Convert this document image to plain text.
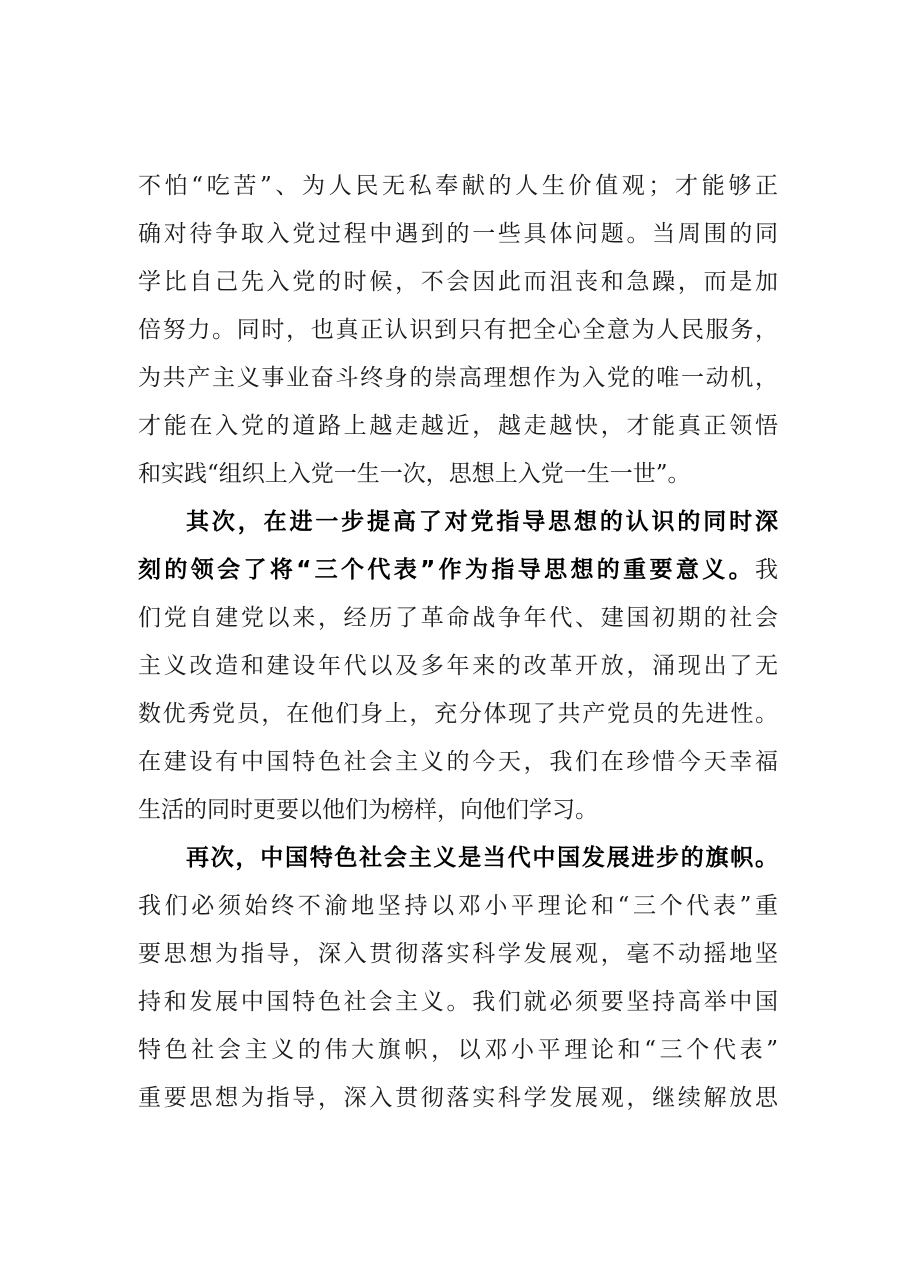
不怕“吃苦”、为人民无私奉献的人生价值观；才能够正
确对待争取入党过程中遇到的一些具体问题。当周围的同
学比自己先入党的时候，不会因此而沮丧和急躁，而是加
倍努力。同时，也真正认识到只有把全心全意为人民服务，
为共产主义事业奋斗终身的崇高理想作为入党的唯一动机，
才能在入党的道路上越走越近，越走越快，才能真正领悟
和实践“组织上入党一生一次，思想上入党一生一世”。
其次，在进一步提高了对党指导思想的认识的同时深
刻的领会了将“三个代表”作为指导思想的重要意义。我
们党自建党以来，经历了革命战争年代、建国初期的社会
主义改造和建设年代以及多年来的改革开放，涌现出了无
数优秀党员，在他们身上，充分体现了共产党员的先进性。
在建设有中国特色社会主义的今天，我们在珍惜今天幸福
生活的同时更要以他们为榜样，向他们学习。
再次，中国特色社会主义是当代中国发展进步的旗帜。
我们必须始终不渝地坚持以邓小平理论和“三个代表”重
要思想为指导，深入贯彻落实科学发展观，毫不动摇地坚
持和发展中国特色社会主义。我们就必须要坚持高举中国
特色社会主义的伟大旗帜，以邓小平理论和“三个代表”
重要思想为指导，深入贯彻落实科学发展观，继续解放思
